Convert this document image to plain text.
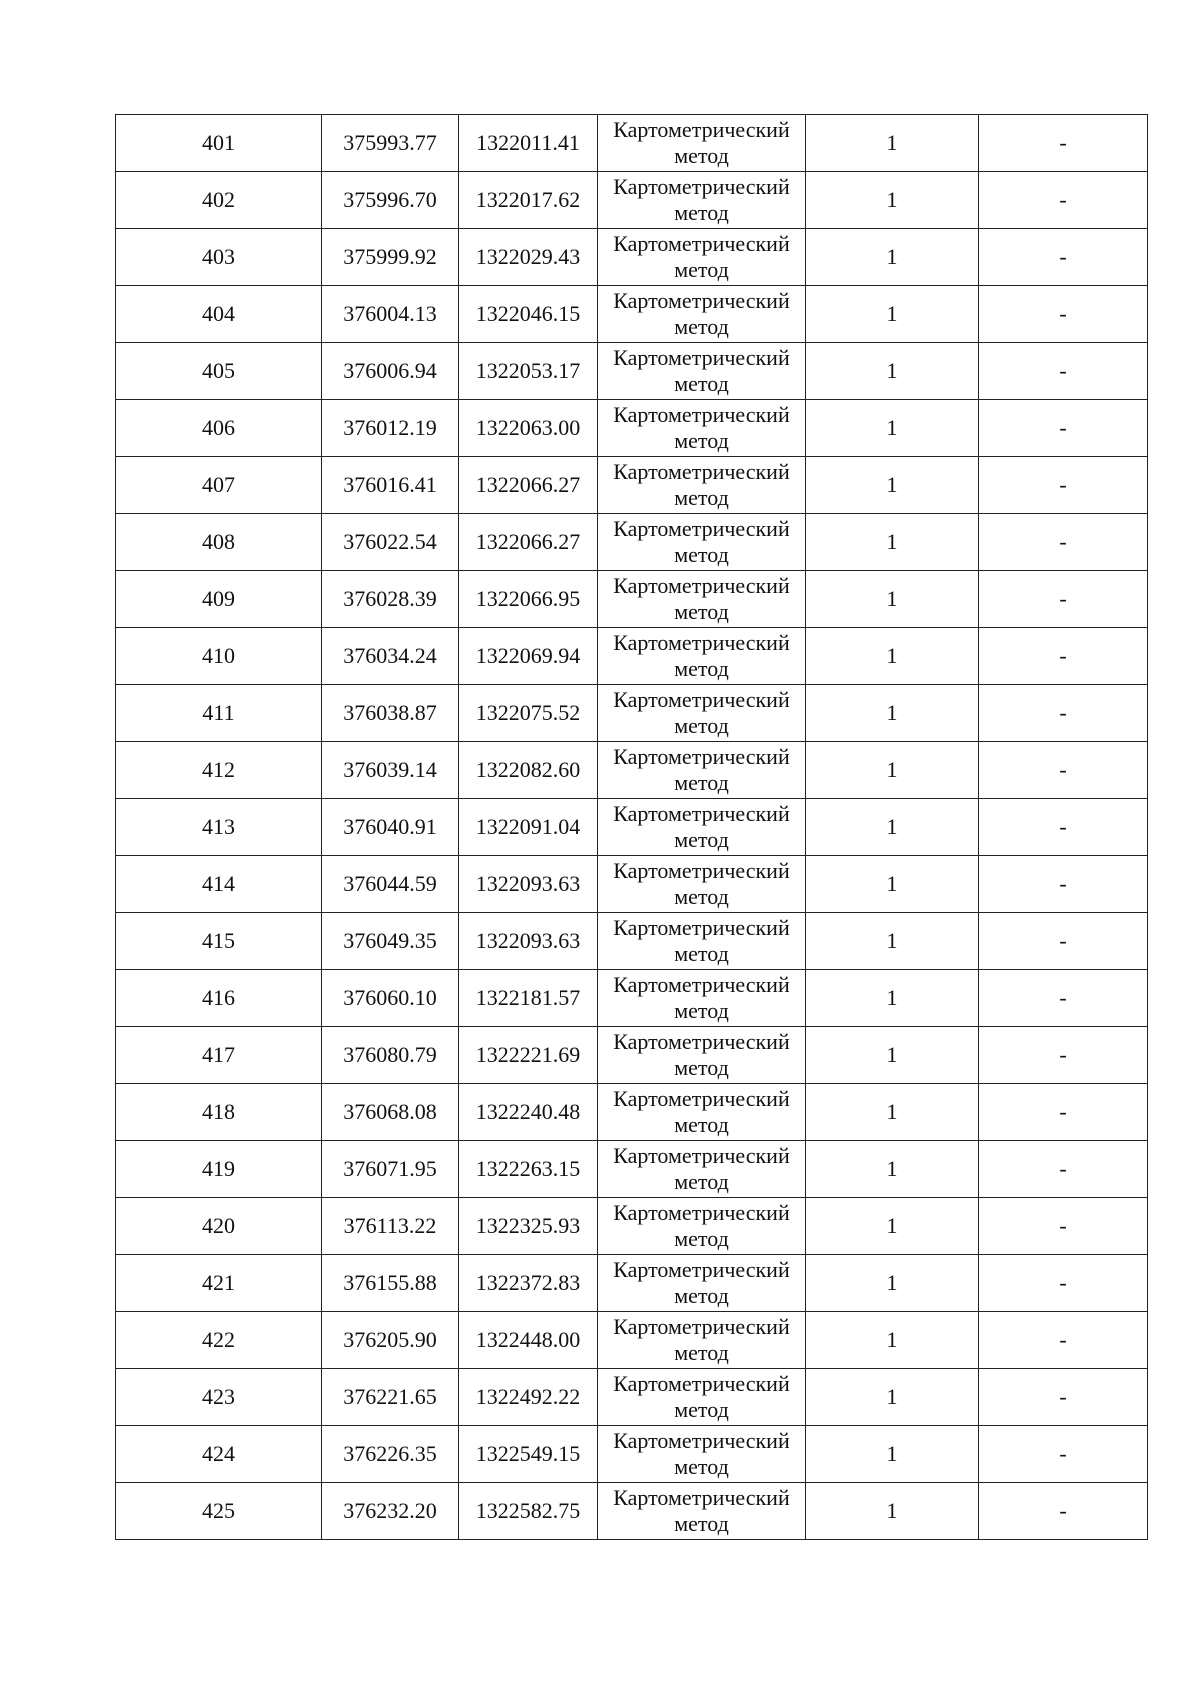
401	375993.77	1322011.41	Картометрический
метод	1	-
402	375996.70	1322017.62	Картометрический
метод	1	-
403	375999.92	1322029.43	Картометрический
метод	1	-
404	376004.13	1322046.15	Картометрический
метод	1	-
405	376006.94	1322053.17	Картометрический
метод	1	-
406	376012.19	1322063.00	Картометрический
метод	1	-
407	376016.41	1322066.27	Картометрический
метод	1	-
408	376022.54	1322066.27	Картометрический
метод	1	-
409	376028.39	1322066.95	Картометрический
метод	1	-
410	376034.24	1322069.94	Картометрический
метод	1	-
411	376038.87	1322075.52	Картометрический
метод	1	-
412	376039.14	1322082.60	Картометрический
метод	1	-
413	376040.91	1322091.04	Картометрический
метод	1	-
414	376044.59	1322093.63	Картометрический
метод	1	-
415	376049.35	1322093.63	Картометрический
метод	1	-
416	376060.10	1322181.57	Картометрический
метод	1	-
417	376080.79	1322221.69	Картометрический
метод	1	-
418	376068.08	1322240.48	Картометрический
метод	1	-
419	376071.95	1322263.15	Картометрический
метод	1	-
420	376113.22	1322325.93	Картометрический
метод	1	-
421	376155.88	1322372.83	Картометрический
метод	1	-
422	376205.90	1322448.00	Картометрический
метод	1	-
423	376221.65	1322492.22	Картометрический
метод	1	-
424	376226.35	1322549.15	Картометрический
метод	1	-
425	376232.20	1322582.75	Картометрический
метод	1	-
